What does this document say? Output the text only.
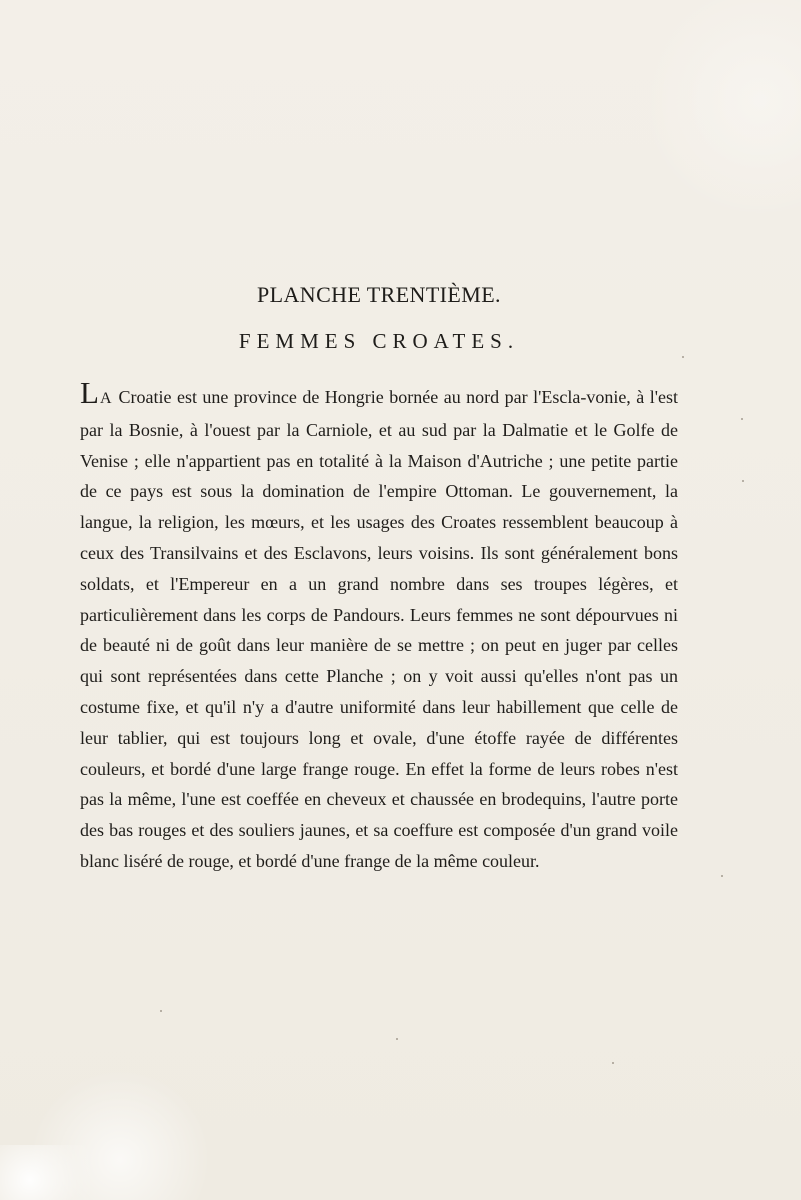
PLANCHE TRENTIÈME.
FEMMES CROATES.

LA Croatie est une province de Hongrie bornée au nord par l'Escla-vonie, à l'est par la Bosnie, à l'ouest par la Carniole, et au sud par la Dalmatie et le Golfe de Venise ; elle n'appartient pas en totalité à la Maison d'Autriche ; une petite partie de ce pays est sous la domination de l'empire Ottoman. Le gouvernement, la langue, la religion, les mœurs, et les usages des Croates ressemblent beaucoup à ceux des Transilvains et des Esclavons, leurs voisins. Ils sont généralement bons soldats, et l'Empereur en a un grand nombre dans ses troupes légères, et particulièrement dans les corps de Pandours. Leurs femmes ne sont dépourvues ni de beauté ni de goût dans leur manière de se mettre ; on peut en juger par celles qui sont représentées dans cette Planche ; on y voit aussi qu'elles n'ont pas un costume fixe, et qu'il n'y a d'autre uniformité dans leur habillement que celle de leur tablier, qui est toujours long et ovale, d'une étoffe rayée de différentes couleurs, et bordé d'une large frange rouge. En effet la forme de leurs robes n'est pas la même, l'une est coeffée en cheveux et chaussée en brodequins, l'autre porte des bas rouges et des souliers jaunes, et sa coeffure est composée d'un grand voile blanc liséré de rouge, et bordé d'une frange de la même couleur.
